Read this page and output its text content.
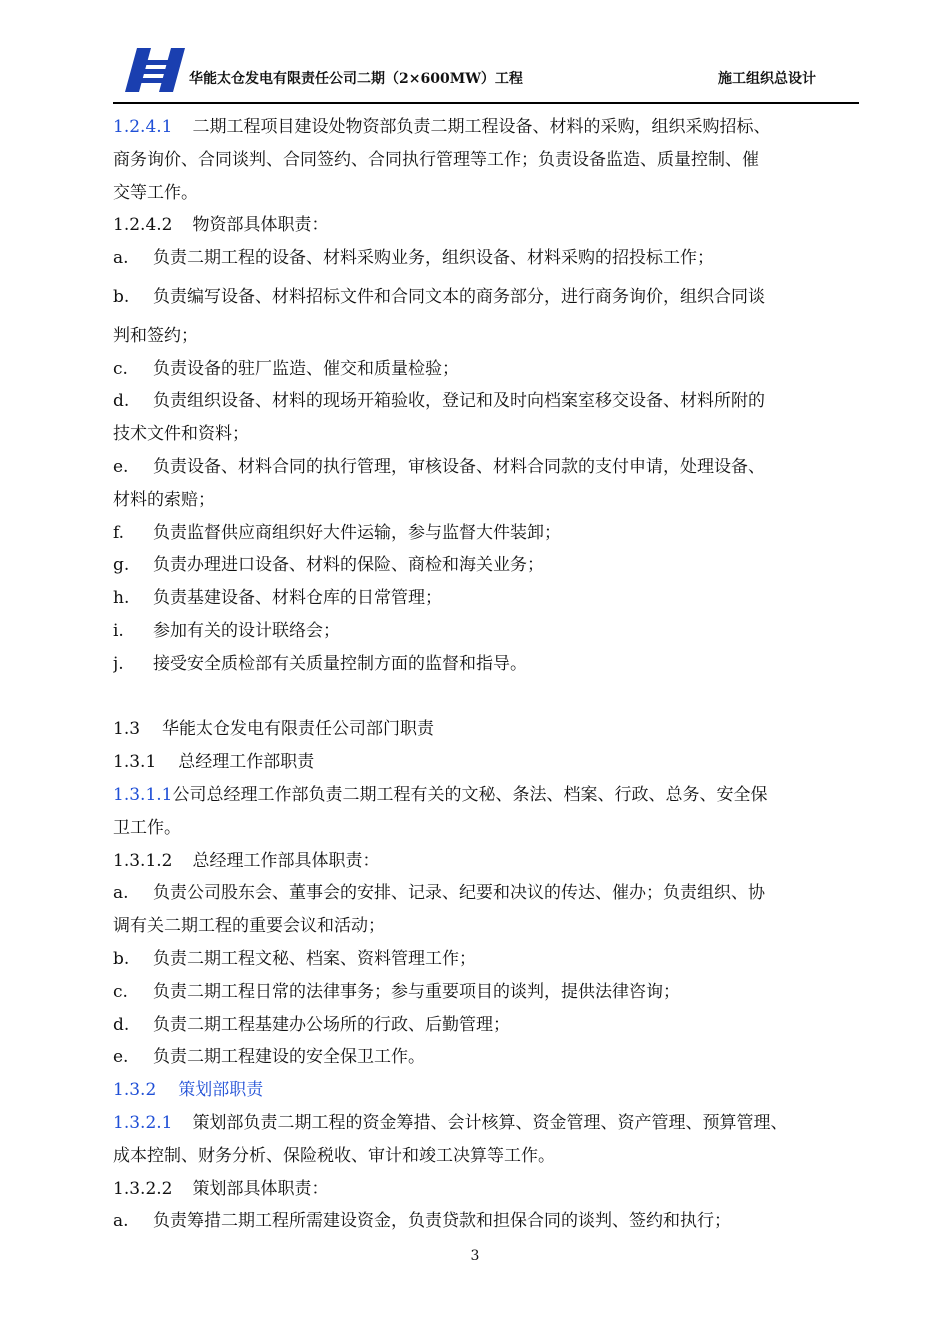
华能太仓发电有限责任公司二期（2×600MW）工程	施工组织总设计
1.2.4.1 二期工程项目建设处物资部负责二期工程设备、材料的采购，组织采购招标、
商务询价、合同谈判、合同签约、合同执行管理等工作；负责设备监造、质量控制、催
交等工作。
1.2.4.2 物资部具体职责：
a. 负责二期工程的设备、材料采购业务，组织设备、材料采购的招投标工作；
b. 负责编写设备、材料招标文件和合同文本的商务部分，进行商务询价，组织合同谈
判和签约；
c. 负责设备的驻厂监造、催交和质量检验；
d. 负责组织设备、材料的现场开箱验收，登记和及时向档案室移交设备、材料所附的
技术文件和资料；
e. 负责设备、材料合同的执行管理，审核设备、材料合同款的支付申请，处理设备、
材料的索赔；
f. 负责监督供应商组织好大件运输，参与监督大件装卸；
g. 负责办理进口设备、材料的保险、商检和海关业务；
h. 负责基建设备、材料仓库的日常管理；
i. 参加有关的设计联络会；
j. 接受安全质检部有关质量控制方面的监督和指导。
1.3 华能太仓发电有限责任公司部门职责
1.3.1 总经理工作部职责
1.3.1.1公司总经理工作部负责二期工程有关的文秘、条法、档案、行政、总务、安全保
卫工作。
1.3.1.2 总经理工作部具体职责：
a. 负责公司股东会、董事会的安排、记录、纪要和决议的传达、催办；负责组织、协
调有关二期工程的重要会议和活动；
b. 负责二期工程文秘、档案、资料管理工作；
c. 负责二期工程日常的法律事务；参与重要项目的谈判，提供法律咨询；
d. 负责二期工程基建办公场所的行政、后勤管理；
e. 负责二期工程建设的安全保卫工作。
1.3.2 策划部职责
1.3.2.1 策划部负责二期工程的资金筹措、会计核算、资金管理、资产管理、预算管理、
成本控制、财务分析、保险税收、审计和竣工决算等工作。
1.3.2.2 策划部具体职责：
a. 负责筹措二期工程所需建设资金，负责贷款和担保合同的谈判、签约和执行；
3
